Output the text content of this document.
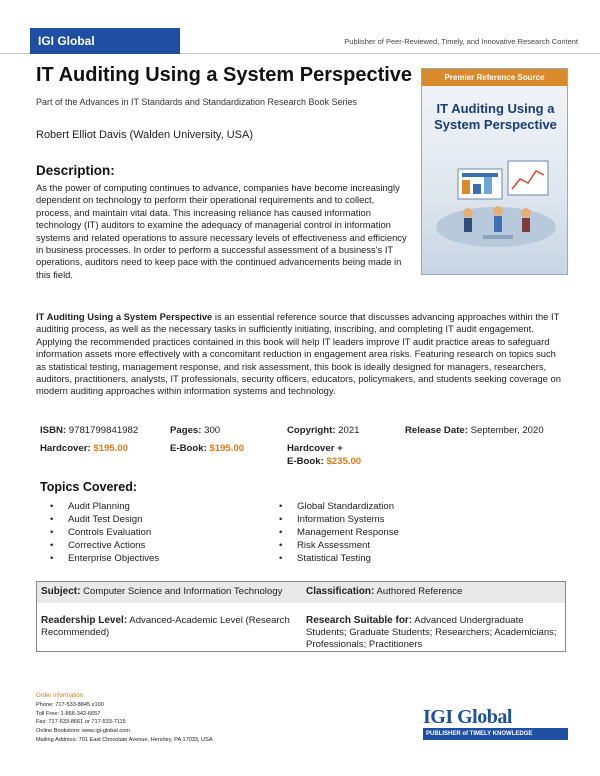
IGI Global	Publisher of Peer-Reviewed, Timely, and Innovative Research Content
IT Auditing Using a System Perspective
Part of the Advances in IT Standards and Standardization Research Book Series
Robert Elliot Davis (Walden University, USA)
Premier Reference Source
IT Auditing Using a System Perspective
Description:
As the power of computing continues to advance, companies have become increasingly dependent on technology to perform their operational requirements and to collect, process, and maintain vital data. This increasing reliance has caused information technology (IT) auditors to examine the adequacy of managerial control in information systems and related operations to assure necessary levels of effectiveness and efficiency in business processes. In order to perform a successful assessment of a business's IT operations, auditors need to keep pace with the continued advancements being made in this field.
IT Auditing Using a System Perspective is an essential reference source that discusses advancing approaches within the IT auditing process, as well as the necessary tasks in sufficiently initiating, inscribing, and completing IT audit engagement. Applying the recommended practices contained in this book will help IT leaders improve IT audit practice areas to safeguard information assets more effectively with a concomitant reduction in engagement area risks. Featuring research on topics such as statistical testing, management response, and risk assessment, this book is ideally designed for managers, researchers, auditors, practitioners, analysts, IT professionals, security officers, educators, policymakers, and students seeking coverage on modern auditing approaches within information systems and technology.
ISBN: 9781799841982	Pages: 300	Copyright: 2021	Release Date: September, 2020
Hardcover: $195.00	E-Book: $195.00	Hardcover +
E-Book: $235.00
Topics Covered:
• Audit Planning
• Audit Test Design
• Controls Evaluation
• Corrective Actions
• Enterprise Objectives
• Global Standardization
• Information Systems
• Management Response
• Risk Assessment
• Statistical Testing
Subject: Computer Science and Information Technology	Classification: Authored Reference
Readership Level: Advanced-Academic Level (Research Recommended)
Research Suitable for: Advanced Undergraduate Students; Graduate Students; Researchers; Academicians; Professionals; Practitioners
Order Information
Phone: 717-533-8845 x100
Toll Free: 1-866-342-6657
Fax: 717-533-8661 or 717-533-7115
Online Bookstore: www.igi-global.com
Mailing Address: 701 East Chocolate Avenue, Hershey, PA 17033, USA
IGI Global
PUBLISHER of TIMELY KNOWLEDGE
